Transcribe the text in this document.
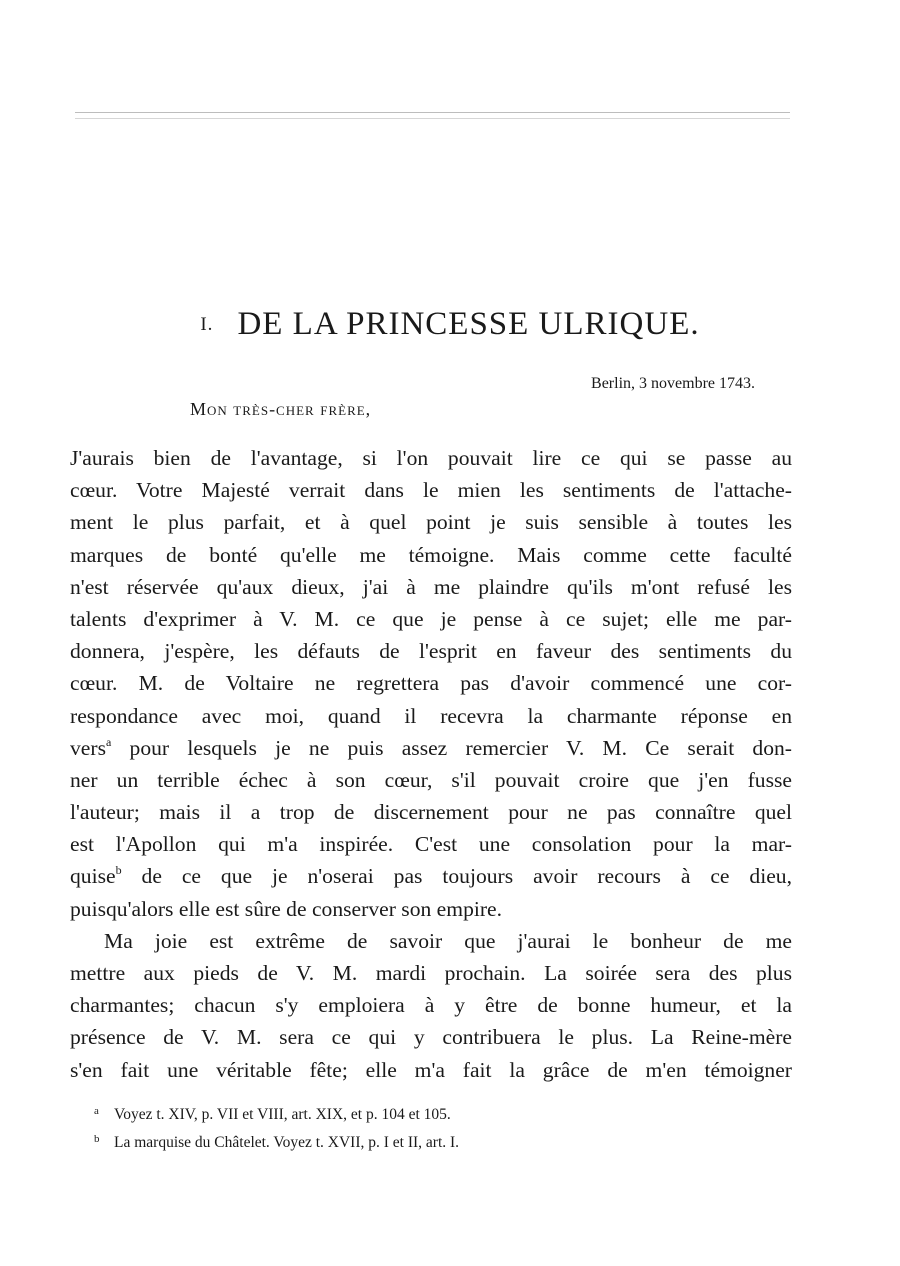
I. DE LA PRINCESSE ULRIQUE.
Berlin, 3 novembre 1743.
Mon très-cher frère,
J'aurais bien de l'avantage, si l'on pouvait lire ce qui se passe au
cœur. Votre Majesté verrait dans le mien les sentiments de l'attache-
ment le plus parfait, et à quel point je suis sensible à toutes les
marques de bonté qu'elle me témoigne. Mais comme cette faculté
n'est réservée qu'aux dieux, j'ai à me plaindre qu'ils m'ont refusé les
talents d'exprimer à V. M. ce que je pense à ce sujet; elle me par-
donnera, j'espère, les défauts de l'esprit en faveur des sentiments du
cœur. M. de Voltaire ne regrettera pas d'avoir commencé une cor-
respondance avec moi, quand il recevra la charmante réponse en
vers$^a$ pour lesquels je ne puis assez remercier V. M. Ce serait don-
ner un terrible échec à son cœur, s'il pouvait croire que j'en fusse
l'auteur; mais il a trop de discernement pour ne pas connaître quel
est l'Apollon qui m'a inspirée. C'est une consolation pour la mar-
quise$^b$ de ce que je n'oserai pas toujours avoir recours à ce dieu,
puisqu'alors elle est sûre de conserver son empire.
Ma joie est extrême de savoir que j'aurai le bonheur de me
mettre aux pieds de V. M. mardi prochain. La soirée sera des plus
charmantes; chacun s'y emploiera à y être de bonne humeur, et la
présence de V. M. sera ce qui y contribuera le plus. La Reine-mère
s'en fait une véritable fête; elle m'a fait la grâce de m'en témoigner
a Voyez t. XIV, p. VII et VIII, art. XIX, et p. 104 et 105.
b La marquise du Châtelet. Voyez t. XVII, p. I et II, art. I.
